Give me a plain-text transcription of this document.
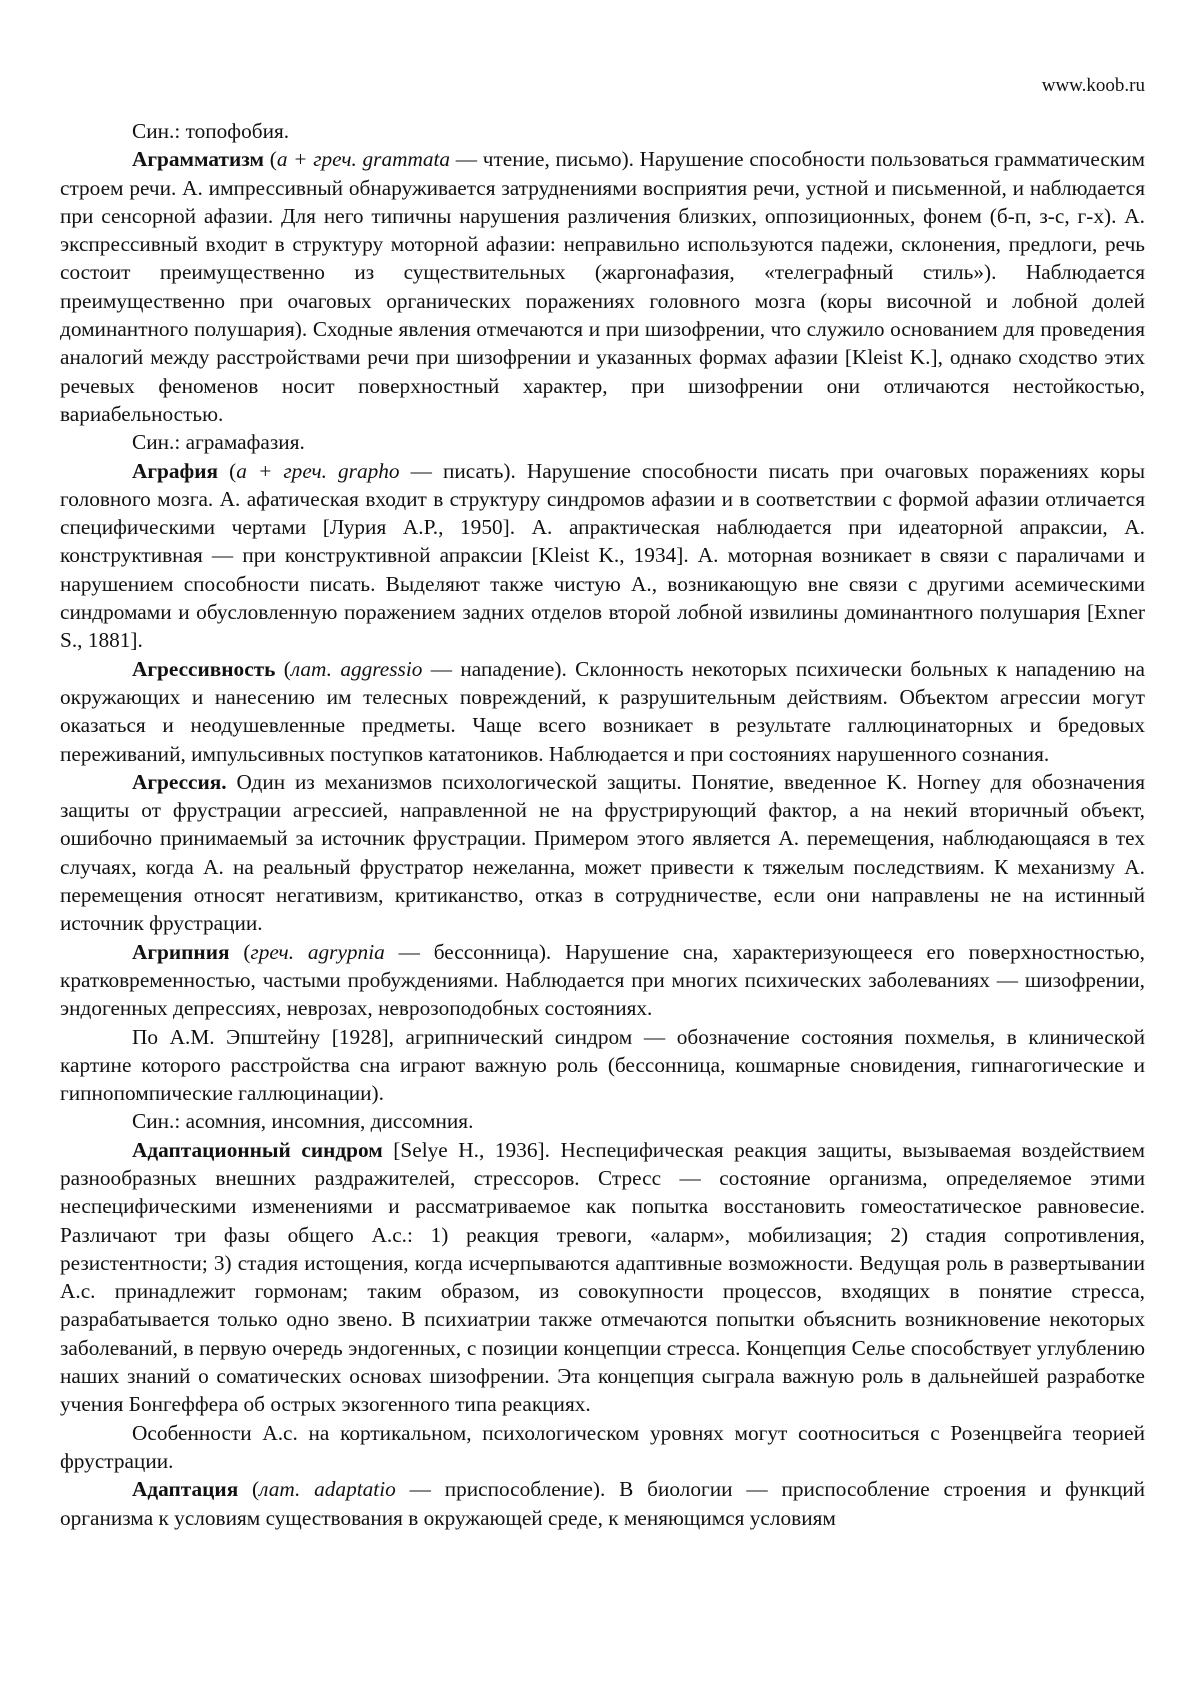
www.koob.ru

Син.: топофобия.

Аграмматизм (а + греч. grammata — чтение, письмо). Нарушение способности пользоваться грамматическим строем речи. А. импрессивный обнаруживается затруднениями восприятия речи, устной и письменной, и наблюдается при сенсорной афазии. Для него типичны нарушения различения близких, оппозиционных, фонем (б-п, з-с, г-х). А. экспрессивный входит в структуру моторной афазии: неправильно используются падежи, склонения, предлоги, речь состоит преимущественно из существительных (жаргонафазия, «телеграфный стиль»). Наблюдается преимущественно при очаговых органических поражениях головного мозга (коры височной и лобной долей доминантного полушария). Сходные явления отмечаются и при шизофрении, что служило основанием для проведения аналогий между расстройствами речи при шизофрении и указанных формах афазии [Kleist K.], однако сходство этих речевых феноменов носит поверхностный характер, при шизофрении они отличаются нестойкостью, вариабельностью.

Син.: аграмафазия.

Аграфия (а + греч. grapho — писать). Нарушение способности писать при очаговых поражениях коры головного мозга. А. афатическая входит в структуру синдромов афазии и в соответствии с формой афазии отличается специфическими чертами [Лурия А.Р., 1950]. А. апрактическая наблюдается при идеаторной апраксии, А. конструктивная — при конструктивной апраксии [Kleist K., 1934]. А. моторная возникает в связи с параличами и нарушением способности писать. Выделяют также чистую А., возникающую вне связи с другими асемическими синдромами и обусловленную поражением задних отделов второй лобной извилины доминантного полушария [Exner S., 1881].

Агрессивность (лат. aggressio — нападение). Склонность некоторых психически больных к нападению на окружающих и нанесению им телесных повреждений, к разрушительным действиям. Объектом агрессии могут оказаться и неодушевленные предметы. Чаще всего возникает в результате галлюцинаторных и бредовых переживаний, импульсивных поступков кататоников. Наблюдается и при состояниях нарушенного сознания.

Агрессия. Один из механизмов психологической защиты. Понятие, введенное K. Horney для обозначения защиты от фрустрации агрессией, направленной не на фрустрирующий фактор, а на некий вторичный объект, ошибочно принимаемый за источник фрустрации. Примером этого является А. перемещения, наблюдающаяся в тех случаях, когда А. на реальный фрустратор нежеланна, может привести к тяжелым последствиям. К механизму А. перемещения относят негативизм, критиканство, отказ в сотрудничестве, если они направлены не на истинный источник фрустрации.

Агрипния (греч. agrypnia — бессонница). Нарушение сна, характеризующееся его поверхностностью, кратковременностью, частыми пробуждениями. Наблюдается при многих психических заболеваниях — шизофрении, эндогенных депрессиях, неврозах, неврозоподобных состояниях.

По А.М. Эпштейну [1928], агрипнический синдром — обозначение состояния похмелья, в клинической картине которого расстройства сна играют важную роль (бессонница, кошмарные сновидения, гипнагогические и гипнопомпические галлюцинации).

Син.: асомния, инсомния, диссомния.

Адаптационный синдром [Selye H., 1936]. Неспецифическая реакция защиты, вызываемая воздействием разнообразных внешних раздражителей, стрессоров. Стресс — состояние организма, определяемое этими неспецифическими изменениями и рассматриваемое как попытка восстановить гомеостатическое равновесие. Различают три фазы общего А.с.: 1) реакция тревоги, «аларм», мобилизация; 2) стадия сопротивления, резистентности; 3) стадия истощения, когда исчерпываются адаптивные возможности. Ведущая роль в развертывании А.с. принадлежит гормонам; таким образом, из совокупности процессов, входящих в понятие стресса, разрабатывается только одно звено. В психиатрии также отмечаются попытки объяснить возникновение некоторых заболеваний, в первую очередь эндогенных, с позиции концепции стресса. Концепция Селье способствует углублению наших знаний о соматических основах шизофрении. Эта концепция сыграла важную роль в дальнейшей разработке учения Бонгеффера об острых экзогенного типа реакциях.

Особенности А.с. на кортикальном, психологическом уровнях могут соотноситься с Розенцвейга теорией фрустрации.

Адаптация (лат. adaptatio — приспособление). В биологии — приспособление строения и функций организма к условиям существования в окружающей среде, к меняющимся условиям
